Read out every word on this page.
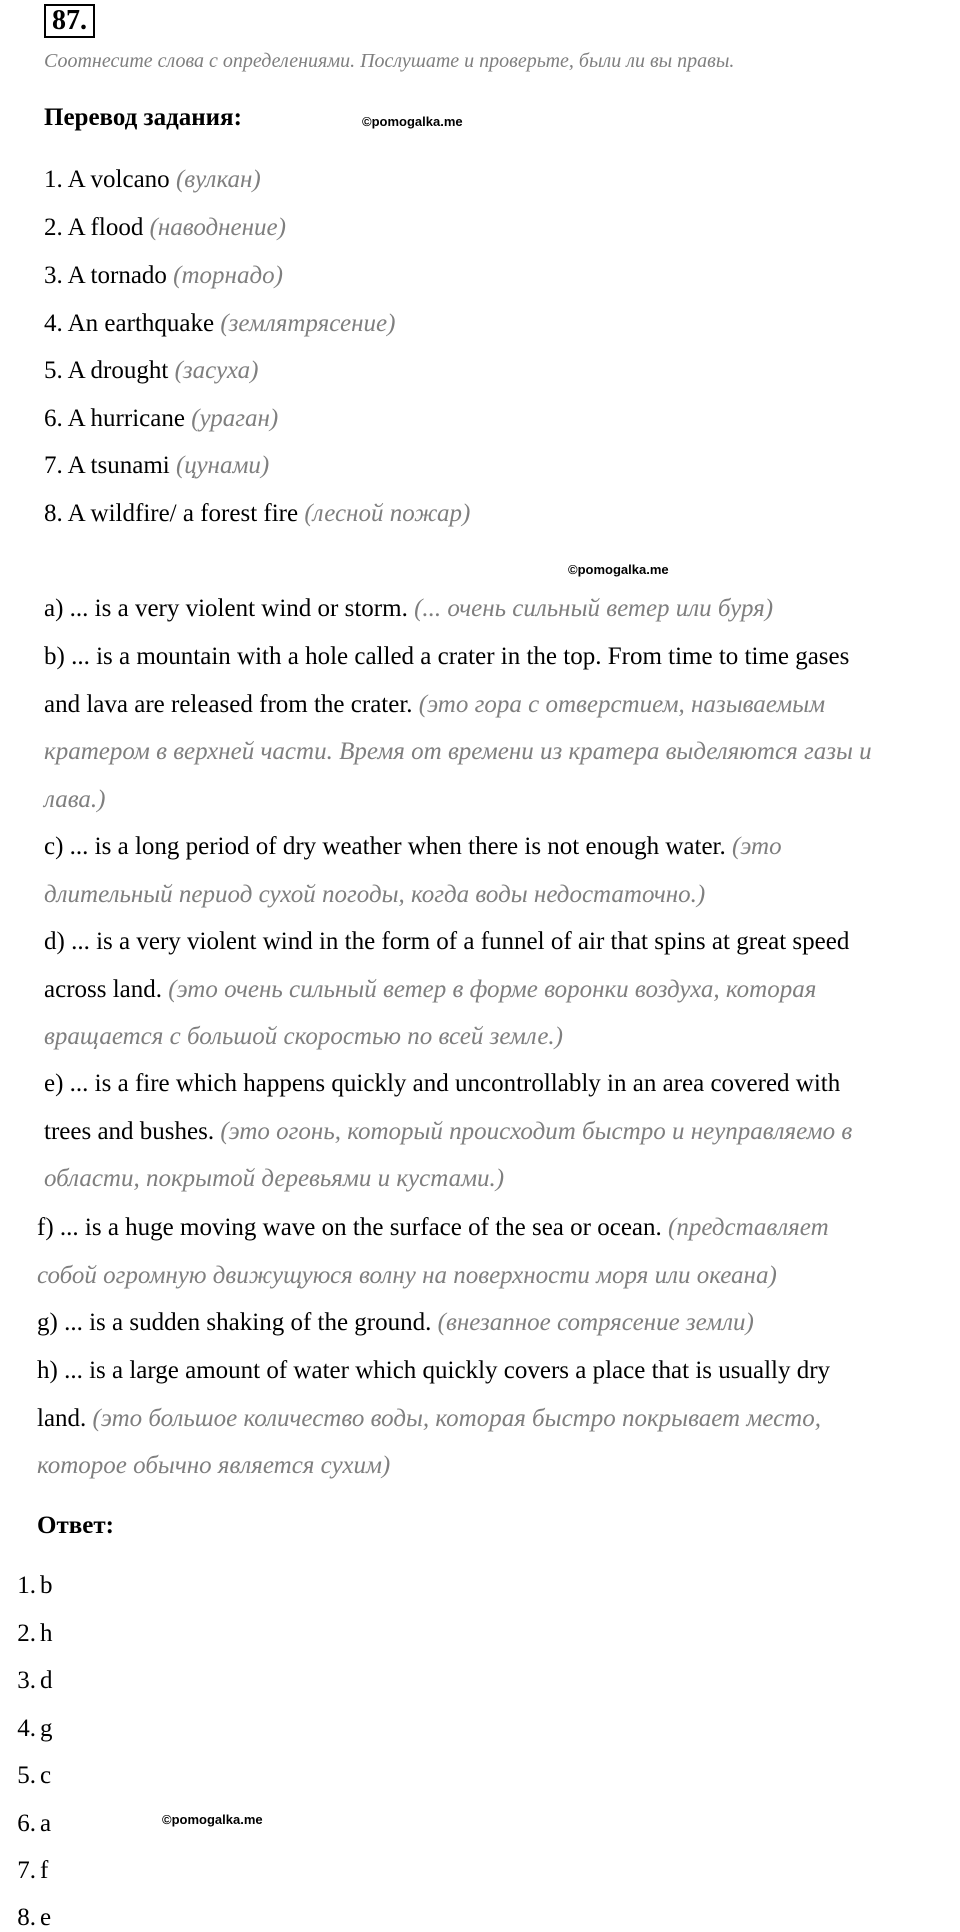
87.
Соотнесите слова с определениями. Послушате и проверьте, были ли вы правы.
Перевод задания:	©pomogalka.me
1. A volcano (вулкан)
2. A flood (наводнение)
3. A tornado (торнадо)
4. An earthquake (землятрясение)
5. A drought (засуха)
6. A hurricane (ураган)
7. A tsunami (цунами)
8. A wildfire/ a forest fire (лесной пожар)
©pomogalka.me
a) ... is a very violent wind or storm. (... очень сильный ветер или буря)
b) ... is a mountain with a hole called a crater in the top. From time to time gases
and lava are released from the crater. (это гора с отверстием, называемым
кратером в верхней части. Время от времени из кратера выделяются газы и
лава.)
c) ... is a long period of dry weather when there is not enough water. (это
длительный период сухой погоды, когда воды недостаточно.)
d) ... is a very violent wind in the form of a funnel of air that spins at great speed
across land. (это очень сильный ветер в форме воронки воздуха, которая
вращается с большой скоростью по всей земле.)
e) ... is a fire which happens quickly and uncontrollably in an area covered with
trees and bushes. (это огонь, который происходит быстро и неуправляемо в
области, покрытой деревьями и кустами.)
f) ... is a huge moving wave on the surface of the sea or ocean. (представляет
собой огромную движущуюся волну на поверхности моря или океана)
g) ... is a sudden shaking of the ground. (внезапное сотрясение земли)
h) ... is a large amount of water which quickly covers a place that is usually dry
land. (это большое количество воды, которая быстро покрывает место,
которое обычно является сухим)
Ответ:
1. b
2. h
3. d
4. g
5. c
6. a
7. f
8. e
©pomogalka.me
